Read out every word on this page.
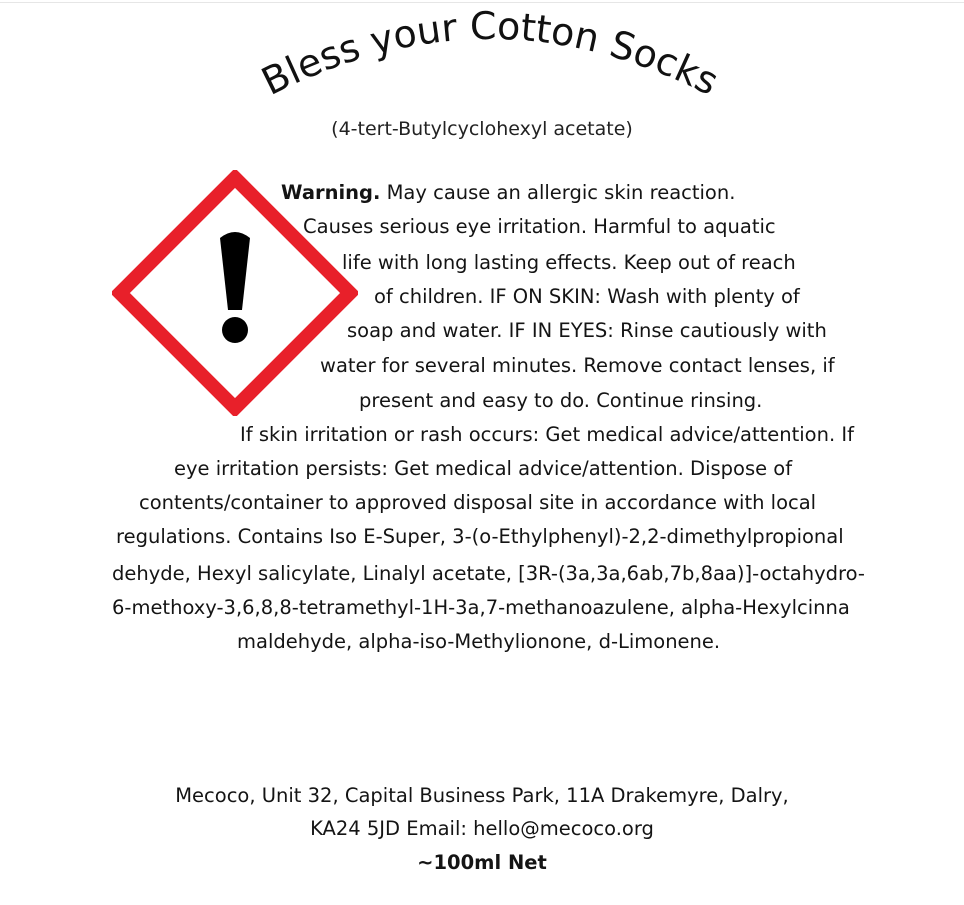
Bless your Cotton Socks
(4-tert-Butylcyclohexyl acetate)
Warning. May cause an allergic skin reaction.
Causes serious eye irritation. Harmful to aquatic
life with long lasting effects. Keep out of reach
of children. IF ON SKIN: Wash with plenty of
soap and water. IF IN EYES: Rinse cautiously with
water for several minutes. Remove contact lenses, if
present and easy to do. Continue rinsing.
If skin irritation or rash occurs: Get medical advice/attention. If
eye irritation persists: Get medical advice/attention. Dispose of
contents/container to approved disposal site in accordance with local
regulations. Contains Iso E-Super, 3-(o-Ethylphenyl)-2,2-dimethylpropional
dehyde, Hexyl salicylate, Linalyl acetate, [3R-(3a,3a,6ab,7b,8aa)]-octahydro-
6-methoxy-3,6,8,8-tetramethyl-1H-3a,7-methanoazulene, alpha-Hexylcinna
maldehyde, alpha-iso-Methylionone, d-Limonene.
Mecoco, Unit 32, Capital Business Park, 11A Drakemyre, Dalry,
KA24 5JD Email: hello@mecoco.org
~100ml Net
